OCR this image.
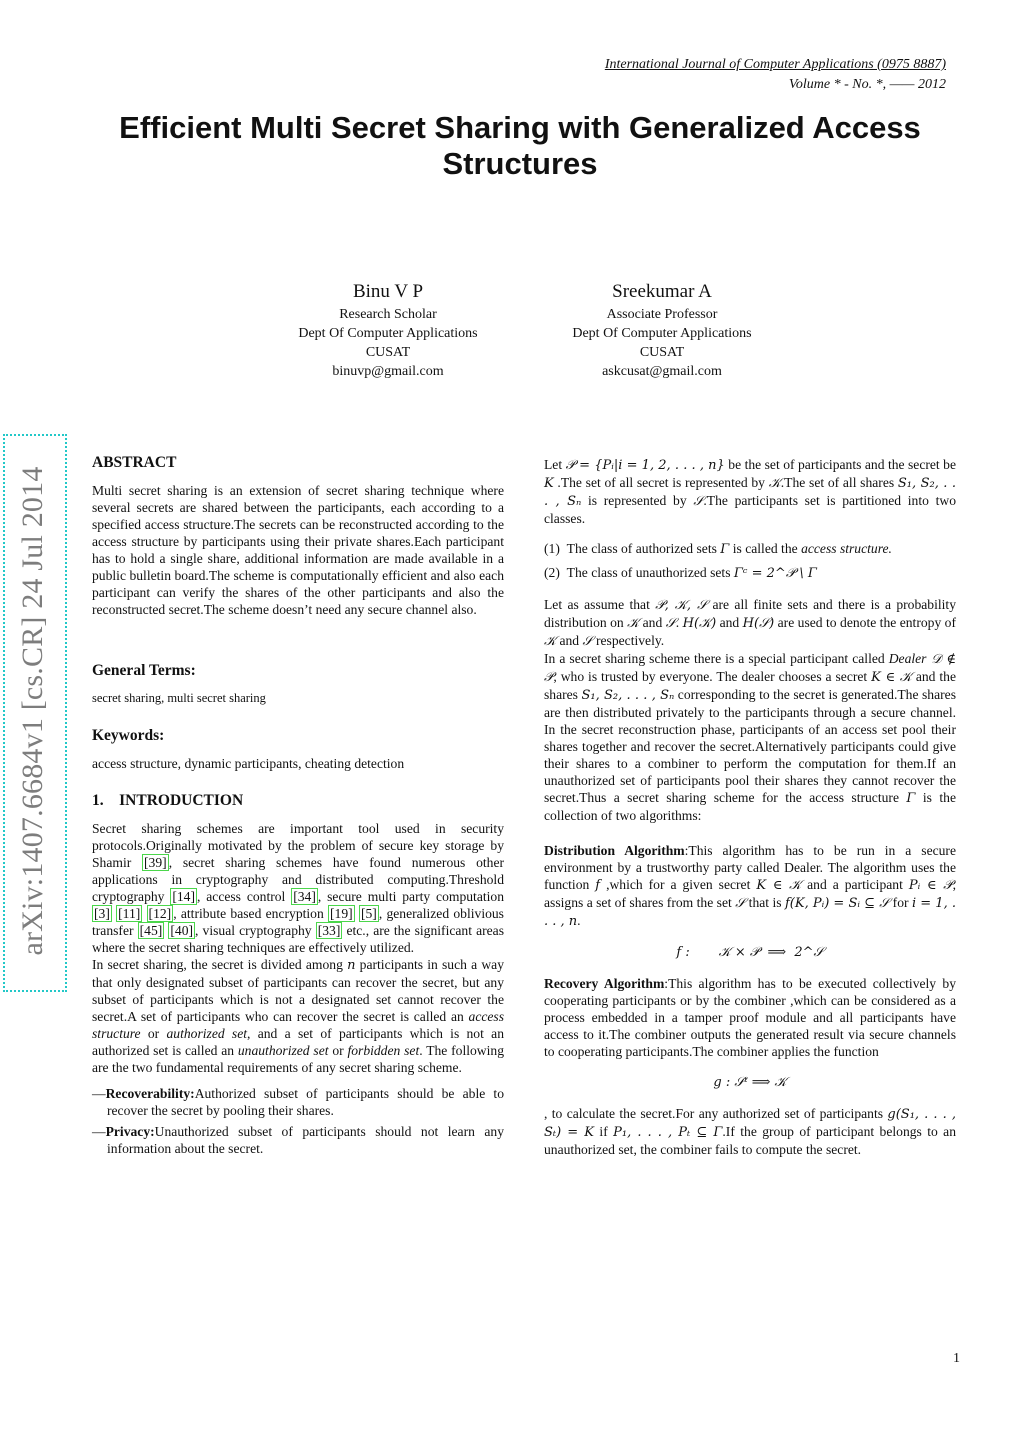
International Journal of Computer Applications (0975 8887)
Volume * - No. *, —— 2012
Efficient Multi Secret Sharing with Generalized Access Structures
Binu V P
Research Scholar
Dept Of Computer Applications
CUSAT
binuvp@gmail.com
Sreekumar A
Associate Professor
Dept Of Computer Applications
CUSAT
askcusat@gmail.com
arXiv:1407.6684v1 [cs.CR] 24 Jul 2014
ABSTRACT

Multi secret sharing is an extension of secret sharing technique where several secrets are shared between the participants, each according to a specified access structure.The secrets can be reconstructed according to the access structure by participants using their private shares.Each participant has to hold a single share, additional information are made available in a public bulletin board.The scheme is computationally efficient and also each participant can verify the shares of the other participants and also the reconstructed secret.The scheme doesn’t need any secure channel also.

General Terms:

secret sharing, multi secret sharing

Keywords:

access structure, dynamic participants, cheating detection

1.    INTRODUCTION

Secret sharing schemes are important tool used in security protocols.Originally motivated by the problem of secure key storage by Shamir [39] , secret sharing schemes have found numerous other applications in cryptography and distributed computing.Threshold cryptography [14] , access control [34] , secure multi party computation [3] [11] [12] , attribute based encryption [19] [5] , generalized oblivious transfer [45] [40] , visual cryptography [33] etc., are the significant areas where the secret sharing techniques are effectively utilized.

In secret sharing, the secret is divided among n participants in such a way that only designated subset of participants can recover the secret, but any subset of participants which is not a designated set cannot recover the secret.A set of participants who can recover the secret is called an access structure or authorized set, and a set of participants which is not an authorized set is called an unauthorized set or forbidden set. The following are the two fundamental requirements of any secret sharing scheme.

—Recoverability:Authorized subset of participants should be able to recover the secret by pooling their shares.

—Privacy:Unauthorized subset of participants should not learn any information about the secret.

Let 𝒫 = {Pᵢ|i = 1, 2, . . . , n} be the set of participants and the secret be K .The set of all secret is represented by 𝒦.The set of all shares S₁, S₂, . . . , Sₙ is represented by 𝒮.The participants set is partitioned into two classes.

(1) The class of authorized sets Γ is called the access structure.

(2) The class of unauthorized sets Γᶜ = 2^𝒫 \ Γ

Let as assume that 𝒫, 𝒦, 𝒮 are all finite sets and there is a probability distribution on 𝒦 and 𝒮. H(𝒦) and H(𝒮) are used to denote the entropy of 𝒦 and 𝒮 respectively.

In a secret sharing scheme there is a special participant called Dealer 𝒟 ∉ 𝒫, who is trusted by everyone. The dealer chooses a secret K ∈ 𝒦 and the shares S₁, S₂, . . . , Sₙ corresponding to the secret is generated.The shares are then distributed privately to the participants through a secure channel. In the secret reconstruction phase, participants of an access set pool their shares together and recover the secret.Alternatively participants could give their shares to a combiner to perform the computation for them.If an unauthorized set of participants pool their shares they cannot recover the secret.Thus a secret sharing scheme for the access structure Γ is the collection of two algorithms:

Distribution Algorithm:This algorithm has to be run in a secure environment by a trustworthy party called Dealer. The algorithm uses the function f ,which for a given secret K ∈ 𝒦 and a participant Pᵢ ∈ 𝒫, assigns a set of shares from the set 𝒮 that is f(K, Pᵢ) = Sᵢ ⊆ 𝒮 for i = 1, . . . , n.

f :       𝒦 × 𝒫  ⟹  2^𝒮

Recovery Algorithm:This algorithm has to be executed collectively by cooperating participants or by the combiner ,which can be considered as a process embedded in a tamper proof module and all participants have access to it.The combiner outputs the generated result via secure channels to cooperating participants.The combiner applies the function

g : 𝒮ᵗ ⟹ 𝒦

, to calculate the secret.For any authorized set of participants g(S₁, . . . , Sₜ) = K if P₁, . . . , Pₜ ⊆ Γ.If the group of participant belongs to an unauthorized set, the combiner fails to compute the secret.

1
